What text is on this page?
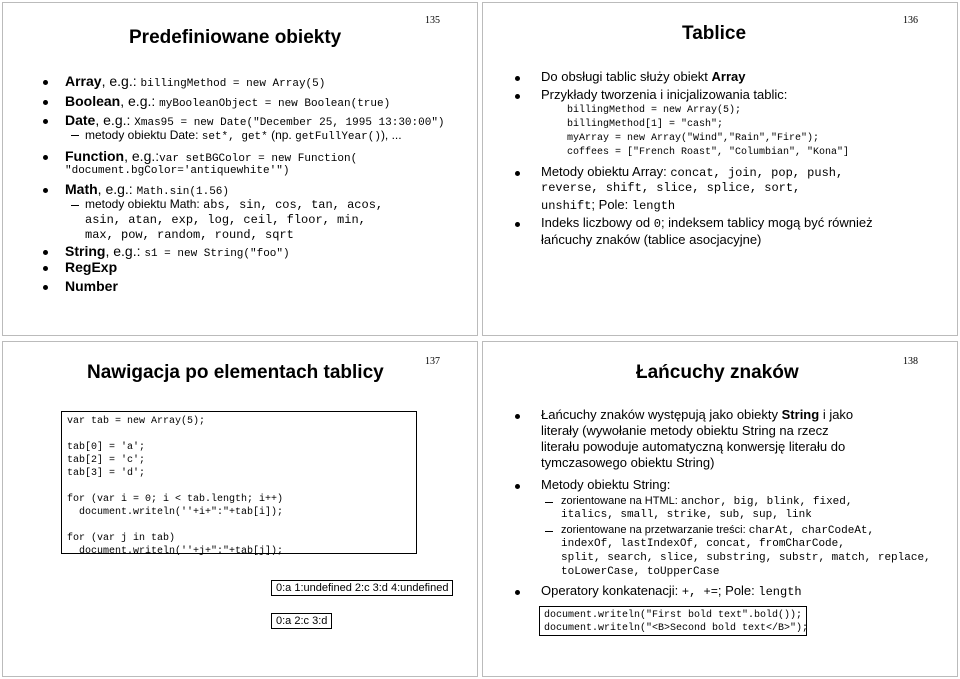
135
Predefiniowane obiekty
Array, e.g.: billingMethod = new Array(5)
Boolean, e.g.: myBooleanObject = new Boolean(true)
Date, e.g.: Xmas95 = new Date("December 25, 1995 13:30:00")
metody obiektu Date: set*, get* (np. getFullYear()), ...
Function, e.g.:var setBGColor = new Function(
"document.bgColor='antiquewhite'")
Math, e.g.: Math.sin(1.56)
metody obiektu Math: abs, sin, cos, tan, acos,
asin, atan, exp, log, ceil, floor, min,
max, pow, random, round, sqrt
String, e.g.: s1 = new String("foo")
RegExp
Number
136
Tablice
Do obsługi tablic służy obiekt Array
Przykłady tworzenia i inicjalizowania tablic:
billingMethod = new Array(5);
billingMethod[1] = "cash";
myArray = new Array("Wind","Rain","Fire");
coffees = ["French Roast", "Columbian", "Kona"]
Metody obiektu Array: concat, join, pop, push,
reverse, shift, slice, splice, sort,
unshift; Pole: length
Indeks liczbowy od 0; indeksem tablicy mogą być również
łańcuchy znaków (tablice asocjacyjne)
137
Nawigacja po elementach tablicy
var tab = new Array(5);
tab[0] = 'a';
tab[2] = 'c';
tab[3] = 'd';
for (var i = 0; i < tab.length; i++)
document.writeln(''+i+":"+tab[i]);
for (var j in tab)
document.writeln(''+j+":"+tab[j]);
0:a 1:undefined 2:c 3:d 4:undefined
0:a 2:c 3:d
138
Łańcuchy znaków
Łańcuchy znaków występują jako obiekty String i jako
literały (wywołanie metody obiektu String na rzecz
literału powoduje automatyczną konwersję literału do
tymczasowego obiektu String)
Metody obiektu String:
zorientowane na HTML: anchor, big, blink, fixed,
italics, small, strike, sub, sup, link
zorientowane na przetwarzanie treści: charAt, charCodeAt,
indexOf, lastIndexOf, concat, fromCharCode,
split, search, slice, substring, substr, match, replace,
toLowerCase, toUpperCase
Operatory konkatenacji: +, +=; Pole: length
document.writeln("First bold text".bold());
document.writeln("<B>Second bold text</B>");
